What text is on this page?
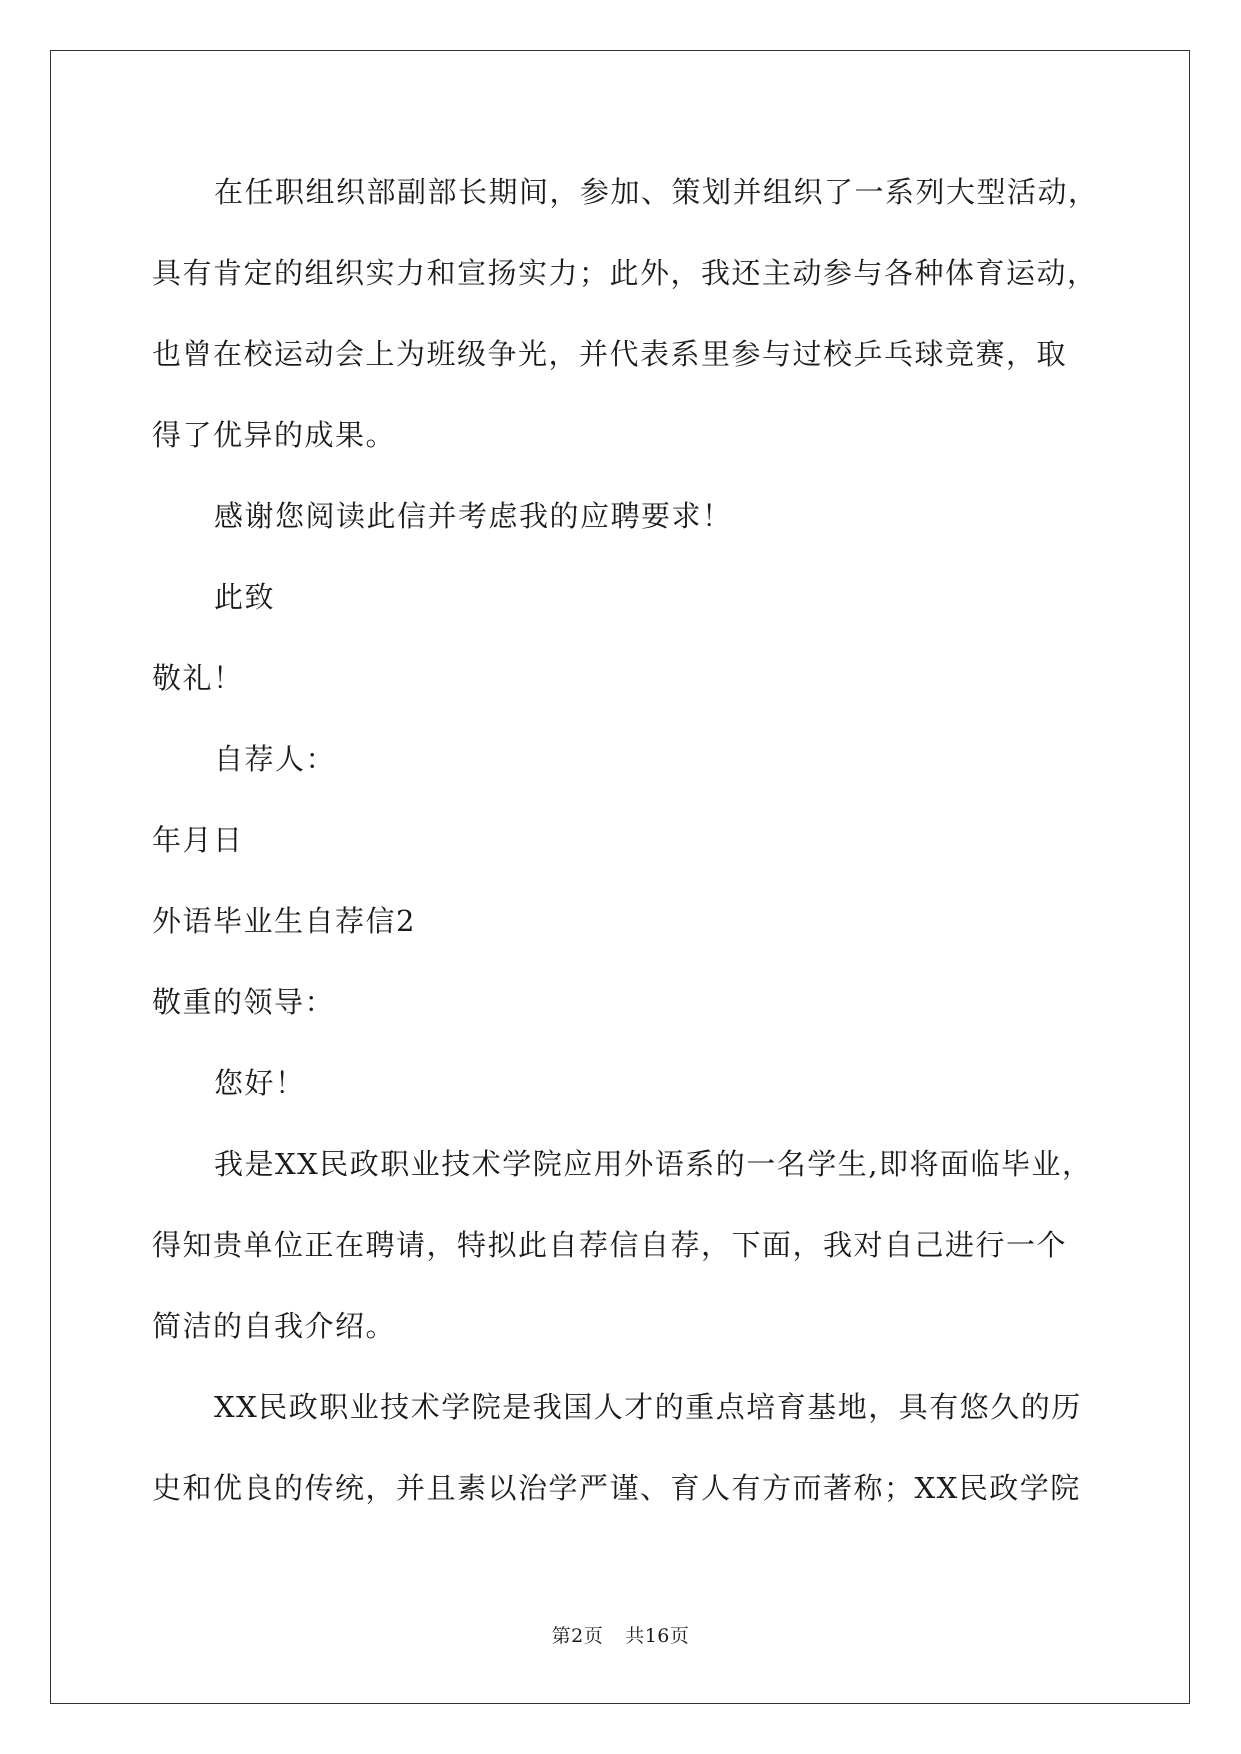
在任职组织部副部长期间，参加、策划并组织了一系列大型活动，
具有肯定的组织实力和宣扬实力；此外，我还主动参与各种体育运动，
也曾在校运动会上为班级争光，并代表系里参与过校乒乓球竞赛，取
得了优异的成果。
感谢您阅读此信并考虑我的应聘要求！
此致
敬礼！
自荐人：
年月日
外语毕业生自荐信2
敬重的领导：
您好！
我是XX民政职业技术学院应用外语系的一名学生,即将面临毕业，
得知贵单位正在聘请，特拟此自荐信自荐，下面，我对自己进行一个
简洁的自我介绍。
XX民政职业技术学院是我国人才的重点培育基地，具有悠久的历
史和优良的传统，并且素以治学严谨、育人有方而著称；XX民政学院
第2页 共16页
